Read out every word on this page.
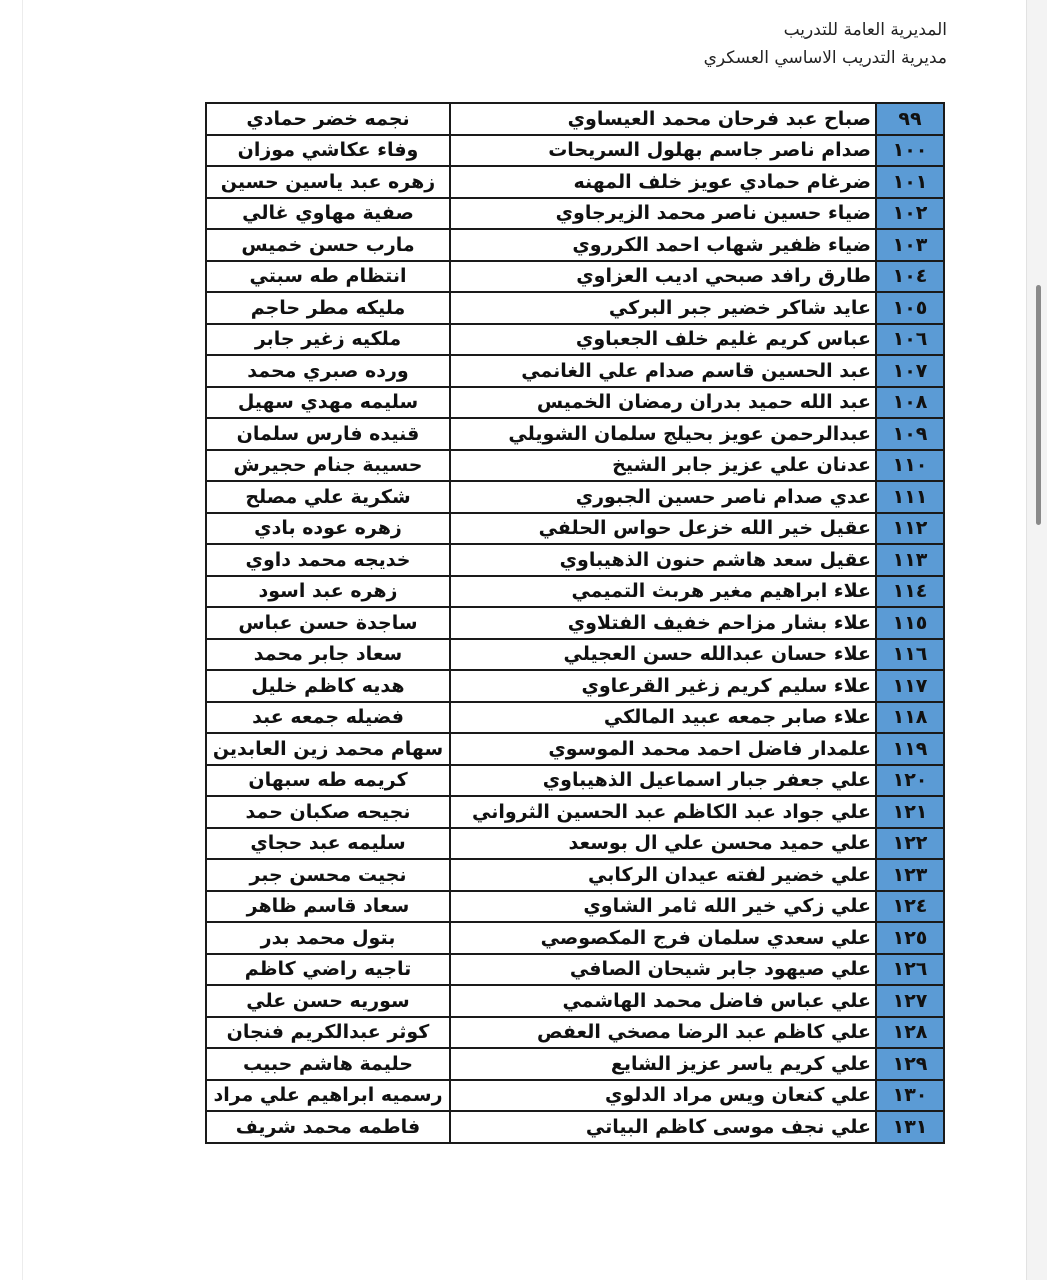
المديرية العامة للتدريب
مديرية التدريب الاساسي العسكري
٩٩	صباح عبد فرحان محمد العيساوي	نجمه خضر حمادي
١٠٠	صدام ناصر جاسم بهلول السريحات	وفاء عكاشي موزان
١٠١	ضرغام حمادي عويز خلف المهنه	زهره عبد ياسين حسين
١٠٢	ضياء حسين ناصر محمد الزيرجاوي	صفية مهاوي غالي
١٠٣	ضياء ظفير شهاب احمد الكرروي	مارب حسن خميس
١٠٤	طارق رافد صبحي اديب العزاوي	انتظام طه سبتي
١٠٥	عايد شاكر خضير جبر البركي	مليكه مطر حاجم
١٠٦	عباس كريم غليم خلف الجعباوي	ملكيه زغير جابر
١٠٧	عبد الحسين قاسم صدام علي الغانمي	ورده صبري محمد
١٠٨	عبد الله حميد بدران رمضان الخميس	سليمه مهدي سهيل
١٠٩	عبدالرحمن عويز بحيلج سلمان الشويلي	قنيده فارس سلمان
١١٠	عدنان علي عزيز جابر الشيخ	حسيبة جنام حجيرش
١١١	عدي صدام ناصر حسين الجبوري	شكرية علي مصلح
١١٢	عقيل خير الله خزعل حواس الحلفي	زهره عوده بادي
١١٣	عقيل سعد هاشم حنون الذهيباوي	خديجه محمد داوي
١١٤	علاء ابراهيم مغير هربث التميمي	زهره عبد اسود
١١٥	علاء بشار مزاحم خفيف الفتلاوي	ساجدة حسن عباس
١١٦	علاء حسان عبدالله حسن العجيلي	سعاد جابر محمد
١١٧	علاء سليم كريم زغير القرعاوي	هديه كاظم خليل
١١٨	علاء صابر جمعه عبيد المالكي	فضيله جمعه عبد
١١٩	علمدار فاضل احمد محمد الموسوي	سهام محمد زين العابدين
١٢٠	علي جعفر جبار اسماعيل الذهيباوي	كريمه طه سبهان
١٢١	علي جواد عبد الكاظم عبد الحسين الثرواني	نجيحه صكبان حمد
١٢٢	علي حميد محسن علي ال بوسعد	سليمه عبد حجاي
١٢٣	علي خضير لفته عيدان الركابي	نجيت محسن جبر
١٢٤	علي زكي خير الله ثامر الشاوي	سعاد قاسم ظاهر
١٢٥	علي سعدي سلمان فرج المكصوصي	بتول محمد بدر
١٢٦	علي صيهود جابر شيحان الصافي	تاجيه راضي كاظم
١٢٧	علي عباس فاضل محمد الهاشمي	سوريه حسن علي
١٢٨	علي كاظم عبد الرضا مصخي العفص	كوثر عبدالكريم فنجان
١٢٩	علي كريم ياسر عزيز الشايع	حليمة هاشم حبيب
١٣٠	علي كنعان ويس مراد الدلوي	رسميه ابراهيم علي مراد
١٣١	علي نجف موسى كاظم البياتي	فاطمه محمد شريف
